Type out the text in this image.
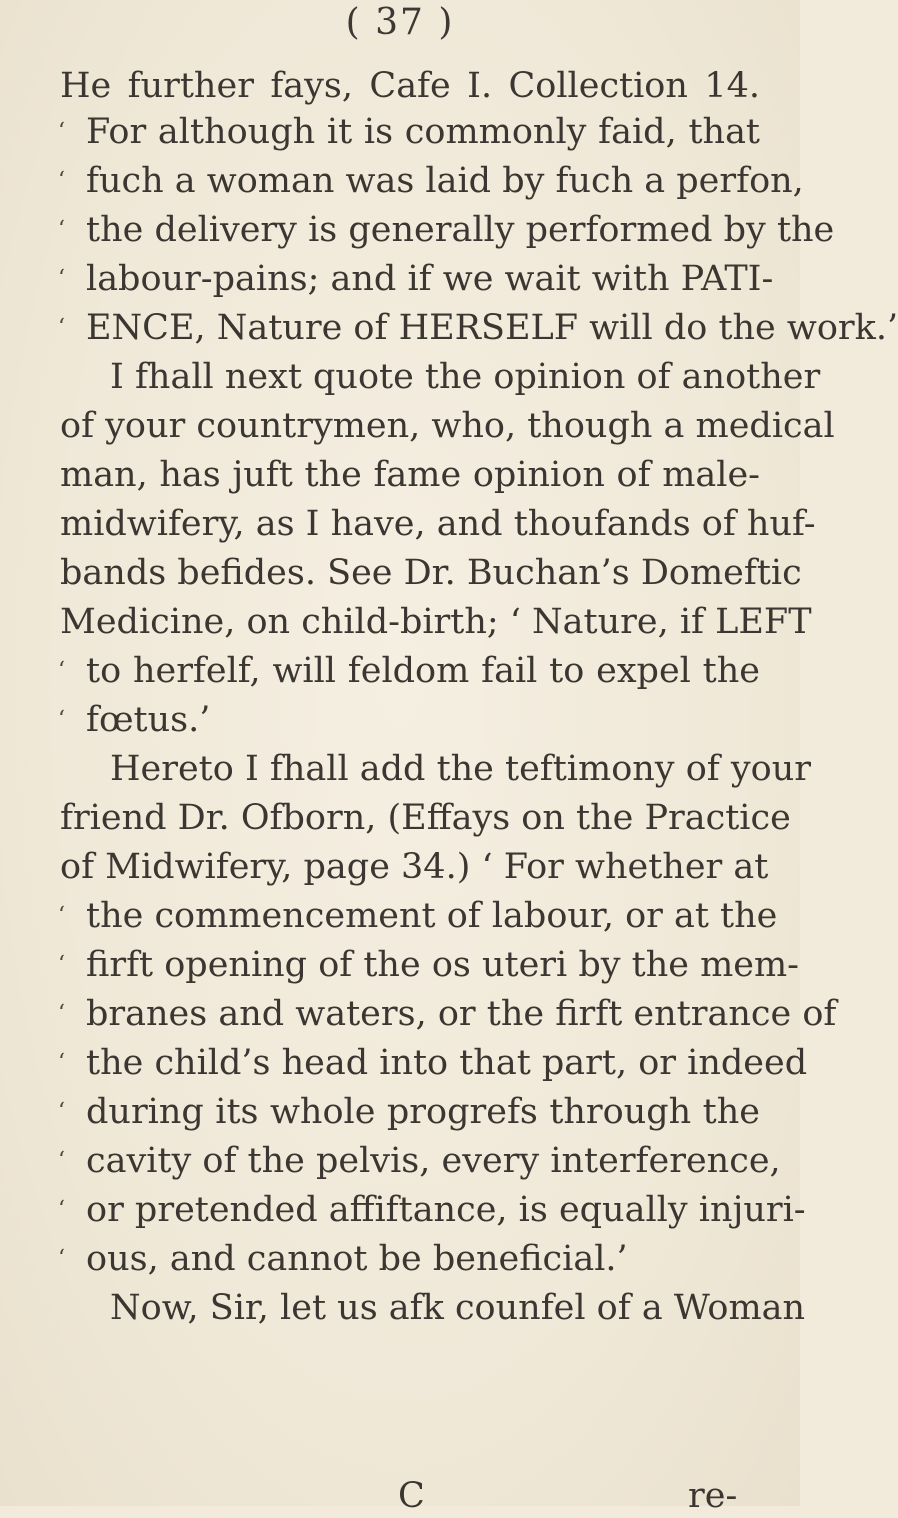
( 37 )
He further fays, Cafe I. Collection 14.
‘ For although it is commonly faid, that
‘ fuch a woman was laid by fuch a perfon,
‘ the delivery is generally performed by the
‘ labour-pains; and if we wait with PATI-
‘ ENCE, Nature of HERSELF will do the work.’
I fhall next quote the opinion of another
of your countrymen, who, though a medical
man, has juft the fame opinion of male-
midwifery, as I have, and thoufands of huf-
bands befides. See Dr. Buchan’s Domeftic
Medicine, on child-birth; ‘ Nature, if LEFT
‘ to herfelf, will feldom fail to expel the
‘ fœtus.’
Hereto I fhall add the teftimony of your
friend Dr. Ofborn, (Effays on the Practice
of Midwifery, page 34.) ‘ For whether at
‘ the commencement of labour, or at the
‘ firft opening of the os uteri by the mem-
‘ branes and waters, or the firft entrance of
‘ the child’s head into that part, or indeed
‘ during its whole progrefs through the
‘ cavity of the pelvis, every interference,
‘ or pretended affiftance, is equally injuri-
‘ ous, and cannot be beneficial.’
Now, Sir, let us afk counfel of a Woman
C	re-
